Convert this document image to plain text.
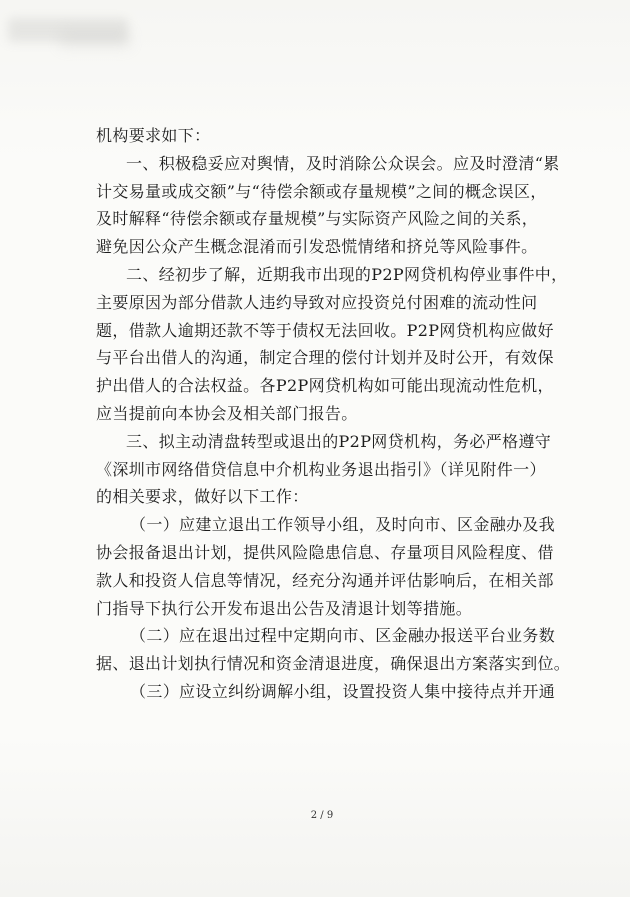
机构要求如下：
一、积极稳妥应对舆情，及时消除公众误会。应及时澄清“累
计交易量或成交额”与“待偿余额或存量规模”之间的概念误区，
及时解释“待偿余额或存量规模”与实际资产风险之间的关系，
避免因公众产生概念混淆而引发恐慌情绪和挤兑等风险事件。
二、经初步了解，近期我市出现的P2P网贷机构停业事件中，
主要原因为部分借款人违约导致对应投资兑付困难的流动性问
题，借款人逾期还款不等于债权无法回收。P2P网贷机构应做好
与平台出借人的沟通，制定合理的偿付计划并及时公开，有效保
护出借人的合法权益。各P2P网贷机构如可能出现流动性危机，
应当提前向本协会及相关部门报告。
三、拟主动清盘转型或退出的P2P网贷机构，务必严格遵守
《深圳市网络借贷信息中介机构业务退出指引》（详见附件一）
的相关要求，做好以下工作：
（一）应建立退出工作领导小组，及时向市、区金融办及我
协会报备退出计划，提供风险隐患信息、存量项目风险程度、借
款人和投资人信息等情况，经充分沟通并评估影响后，在相关部
门指导下执行公开发布退出公告及清退计划等措施。
（二）应在退出过程中定期向市、区金融办报送平台业务数
据、退出计划执行情况和资金清退进度，确保退出方案落实到位。
（三）应设立纠纷调解小组，设置投资人集中接待点并开通
2 / 9
